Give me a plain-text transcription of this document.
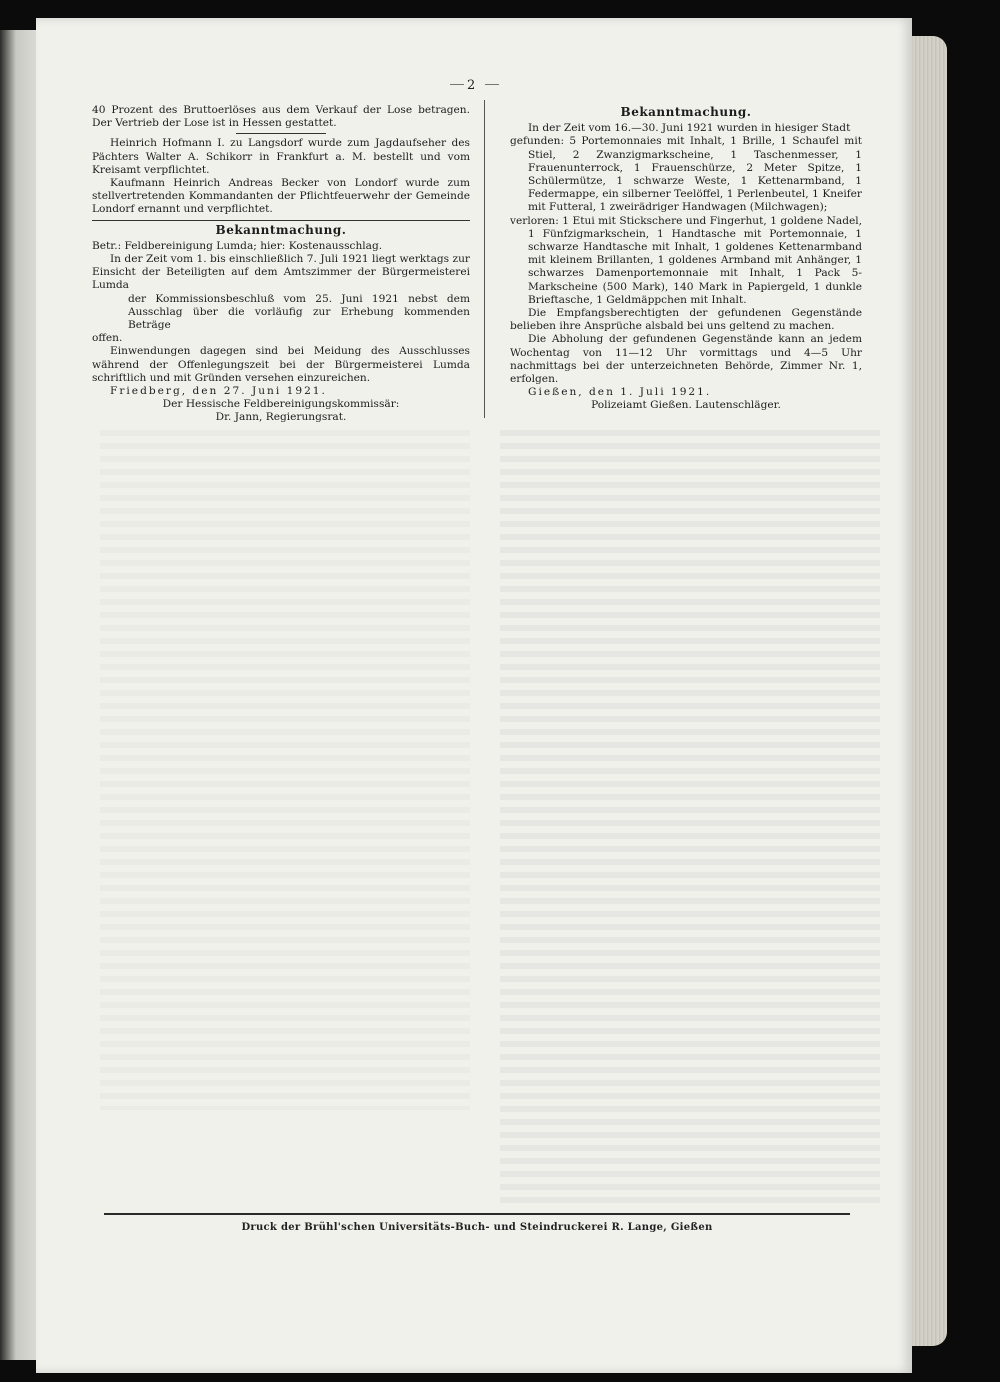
2

40 Prozent des Bruttoerlöses aus dem Verkauf der Lose betragen. Der Vertrieb der Lose ist in Hessen gestattet.

Heinrich Hofmann I. zu Langsdorf wurde zum Jagdaufseher des Pächters Walter A. Schikorr in Frankfurt a. M. bestellt und vom Kreisamt verpflichtet.

Kaufmann Heinrich Andreas Becker von Londorf wurde zum stellvertretenden Kommandanten der Pflichtfeuerwehr der Gemeinde Londorf ernannt und verpflichtet.

Bekanntmachung.

Betr.: Feldbereinigung Lumda; hier: Kostenausschlag.

In der Zeit vom 1. bis einschließlich 7. Juli 1921 liegt werktags zur Einsicht der Beteiligten auf dem Amtszimmer der Bürgermeisterei Lumda

der Kommissionsbeschluß vom 25. Juni 1921 nebst dem Ausschlag über die vorläufig zur Erhebung kommenden Beträge

offen.

Einwendungen dagegen sind bei Meidung des Ausschlusses während der Offenlegungszeit bei der Bürgermeisterei Lumda schriftlich und mit Gründen versehen einzureichen.

Friedberg, den 27. Juni 1921.

Der Hessische Feldbereinigungskommissär:

Dr. Jann, Regierungsrat.

Bekanntmachung.

In der Zeit vom 16.—30. Juni 1921 wurden in hiesiger Stadt

gefunden: 5 Portemonnaies mit Inhalt, 1 Brille, 1 Schaufel mit Stiel, 2 Zwanzigmarkscheine, 1 Taschenmesser, 1 Frauenunterrock, 1 Frauenschürze, 2 Meter Spitze, 1 Schülermütze, 1 schwarze Weste, 1 Kettenarmband, 1 Federmappe, ein silberner Teelöffel, 1 Perlenbeutel, 1 Kneifer mit Futteral, 1 zweirädriger Handwagen (Milchwagen);

verloren: 1 Etui mit Stickschere und Fingerhut, 1 goldene Nadel, 1 Fünfzigmarkschein, 1 Handtasche mit Portemonnaie, 1 schwarze Handtasche mit Inhalt, 1 goldenes Kettenarmband mit kleinem Brillanten, 1 goldenes Armband mit Anhänger, 1 schwarzes Damenportemonnaie mit Inhalt, 1 Pack 5-Markscheine (500 Mark), 140 Mark in Papiergeld, 1 dunkle Brieftasche, 1 Geldmäppchen mit Inhalt.

Die Empfangsberechtigten der gefundenen Gegenstände belieben ihre Ansprüche alsbald bei uns geltend zu machen.

Die Abholung der gefundenen Gegenstände kann an jedem Wochentag von 11—12 Uhr vormittags und 4—5 Uhr nachmittags bei der unterzeichneten Behörde, Zimmer Nr. 1, erfolgen.

Gießen, den 1. Juli 1921.

Polizeiamt Gießen. Lautenschläger.

Druck der Brühl'schen Universitäts-Buch- und Steindruckerei R. Lange, Gießen
